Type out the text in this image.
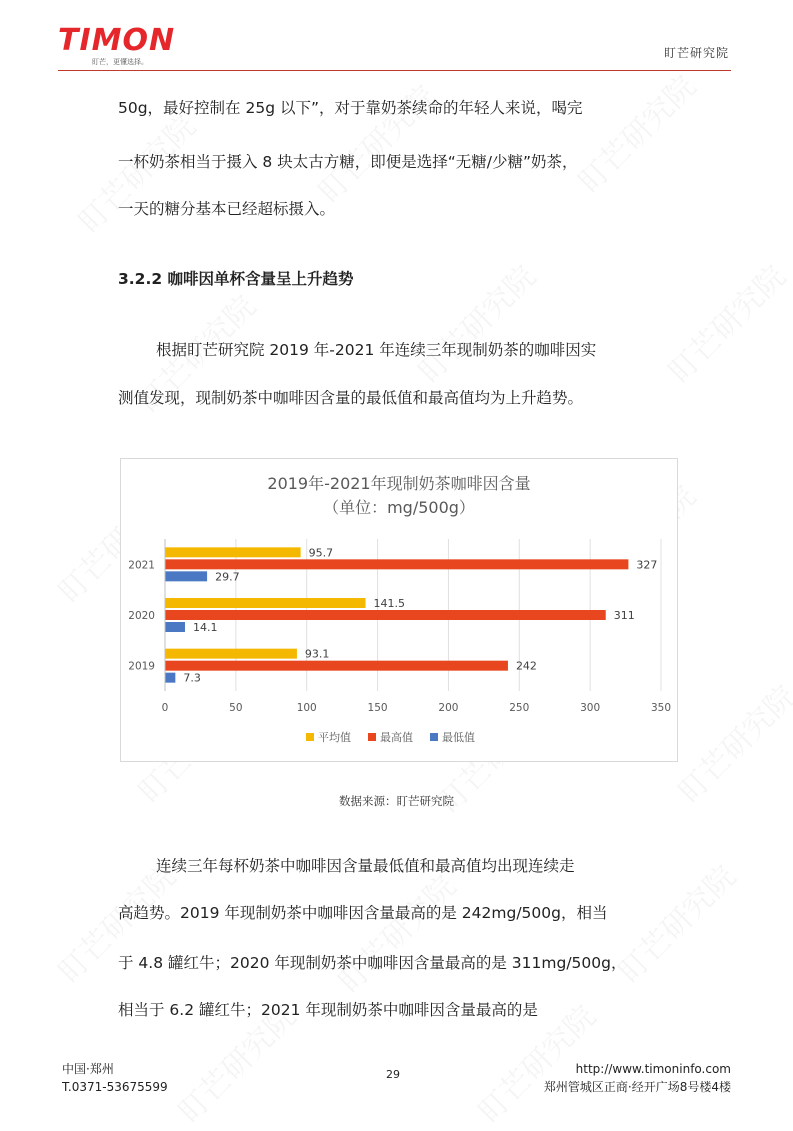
TIMON
盯芒，更懂选择。
盯芒研究院
50g，最好控制在 25g 以下”，对于靠奶茶续命的年轻人来说，喝完
一杯奶茶相当于摄入 8 块太古方糖，即便是选择“无糖/少糖”奶茶，
一天的糖分基本已经超标摄入。
3.2.2 咖啡因单杯含量呈上升趋势
根据盯芒研究院 2019 年-2021 年连续三年现制奶茶的咖啡因实
测值发现，现制奶茶中咖啡因含量的最低值和最高值均为上升趋势。
2019年-2021年现制奶茶咖啡因含量
（单位：mg/500g）
0	50	100	150	200	250	300	350
2021
95.7
327
29.7
2020
141.5
311
14.1
2019
93.1
242
7.3
平均值	最高值	最低值
数据来源：盯芒研究院
连续三年每杯奶茶中咖啡因含量最低值和最高值均出现连续走
高趋势。2019 年现制奶茶中咖啡因含量最高的是 242mg/500g，相当
于 4.8 罐红牛；2020 年现制奶茶中咖啡因含量最高的是 311mg/500g，
相当于 6.2 罐红牛；2021 年现制奶茶中咖啡因含量最高的是
中国·郑州
T.0371-53675599
29	http://www.timoninfo.com
郑州管城区正商·经开广场8号楼4楼
